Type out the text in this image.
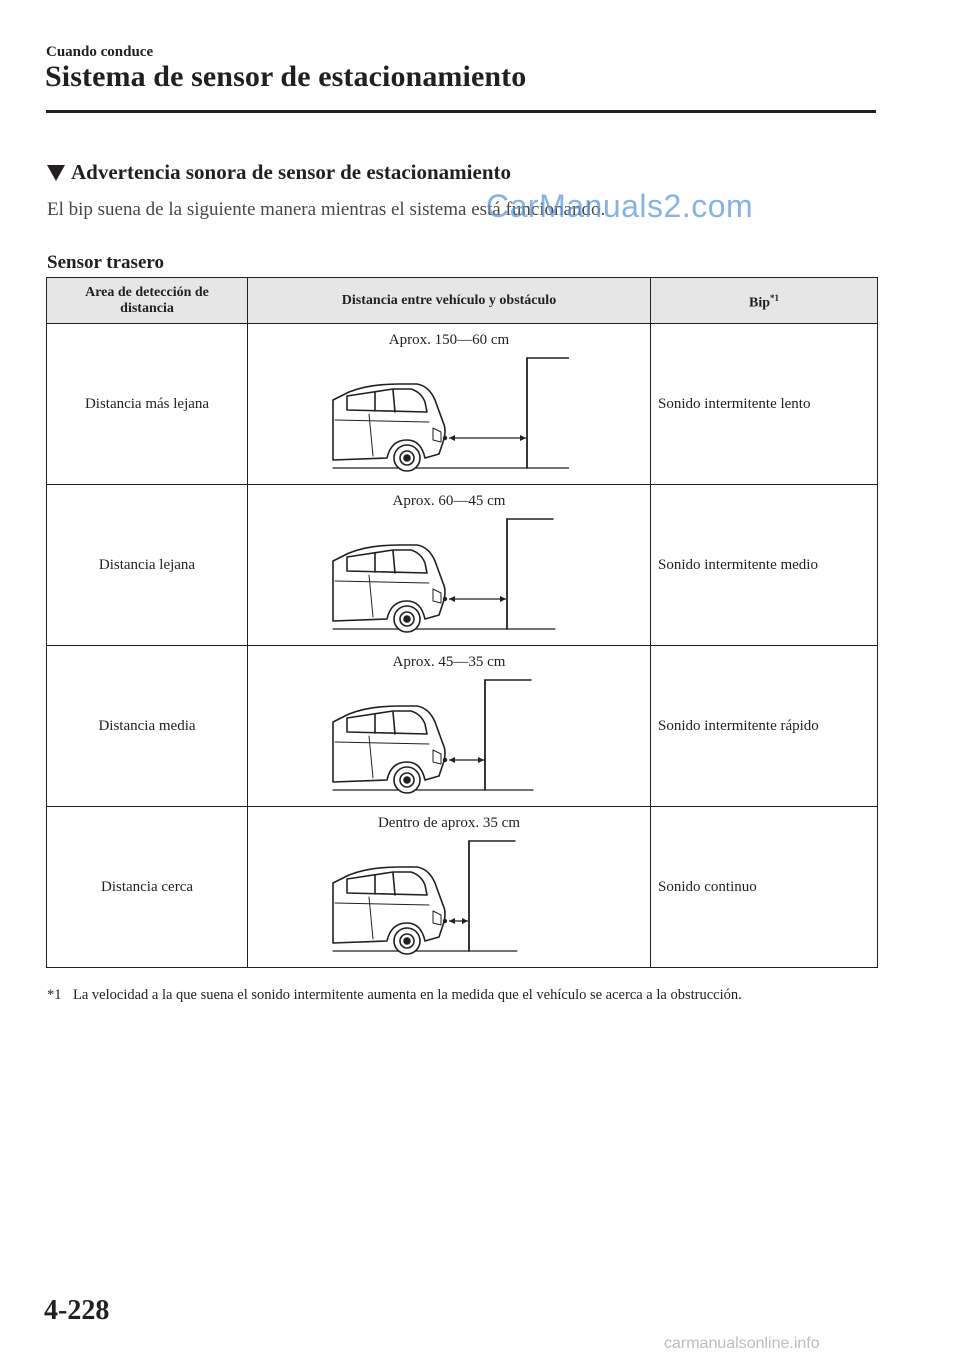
Cuando conduce
Sistema de sensor de estacionamiento
Advertencia sonora de sensor de estacionamiento
El bip suena de la siguiente manera mientras el sistema está funcionando.
CarManuals2.com
Sensor trasero
Area de detección de
distancia	Distancia entre vehículo y obstáculo	Bip$^{*1}$
Distancia más lejana	Aprox. 150—60 cm	Sonido intermitente lento
Distancia lejana	Aprox. 60—45 cm	Sonido intermitente medio
Distancia media	Aprox. 45—35 cm	Sonido intermitente rápido
Distancia cerca	Dentro de aprox. 35 cm	Sonido continuo
*1 La velocidad a la que suena el sonido intermitente aumenta en la medida que el vehículo se acerca a la obstrucción.
4-228
carmanualsonline.info
